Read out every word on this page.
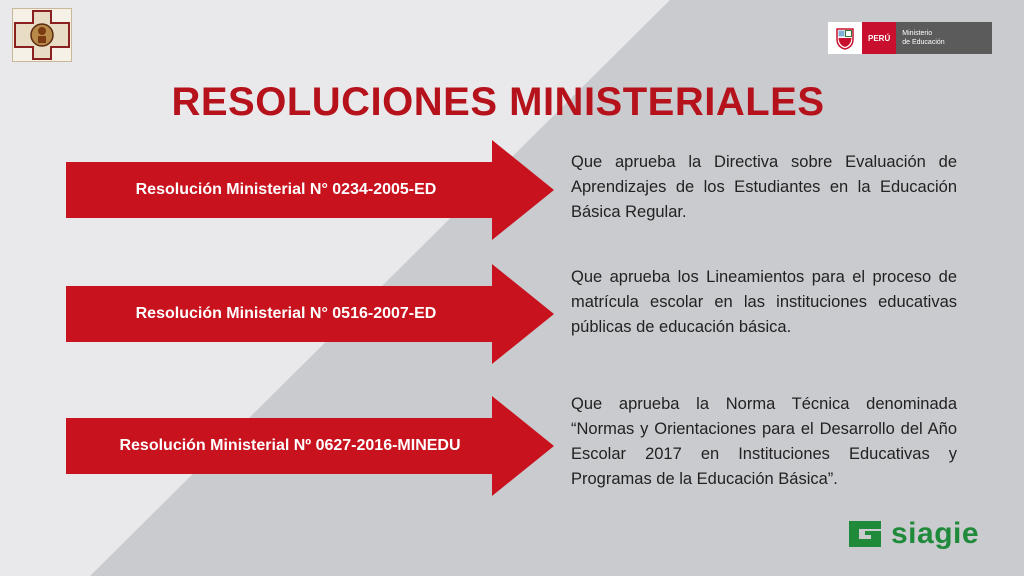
PERÚ	Ministerio
de Educación
RESOLUCIONES MINISTERIALES
Resolución Ministerial N° 0234-2005-ED
Que aprueba la Directiva sobre Evaluación de Aprendizajes de los Estudiantes en la Educación Básica Regular.
Resolución Ministerial N° 0516-2007-ED
Que aprueba los Lineamientos para el proceso de matrícula escolar en las instituciones educativas públicas de educación básica.
Resolución Ministerial Nº 0627-2016-MINEDU
Que aprueba la Norma Técnica denominada “Normas y Orientaciones para el Desarrollo del Año Escolar 2017 en Instituciones Educativas y Programas de la Educación Básica”.
siagie
